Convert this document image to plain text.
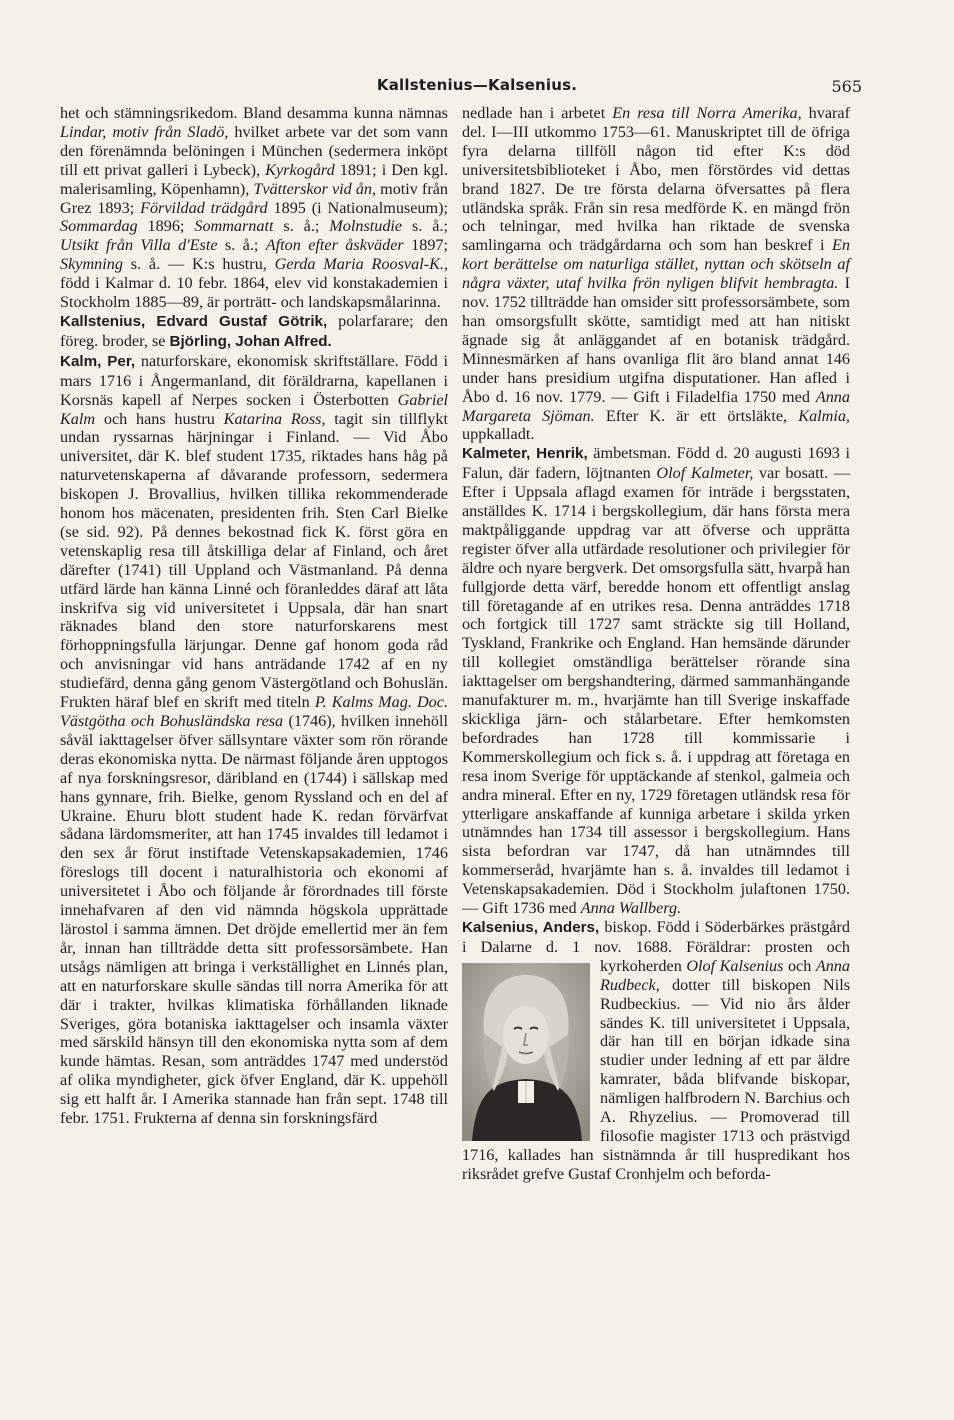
Kallstenius—Kalsenius.	565

het och stämningsrikedom. Bland desamma kunna nämnas Lindar, motiv från Sladö, hvilket arbete var det som vann den förenämnda belöningen i München (sedermera inköpt till ett privat galleri i Lybeck), Kyrkogård 1891; i Den kgl. malerisamling, Köpenhamn), Tvätterskor vid ån, motiv från Grez 1893; Förvildad trädgård 1895 (i Nationalmuseum); Sommardag 1896; Sommarnatt s. å.; Molnstudie s. å.; Utsikt från Villa d'Este s. å.; Afton efter åskväder 1897; Skymning s. å. — K:s hustru, Gerda Maria Roosval-K., född i Kalmar d. 10 febr. 1864, elev vid konstakademien i Stockholm 1885—89, är porträtt- och landskapsmålarinna.

Kallstenius, Edvard Gustaf Götrik, polarfarare; den föreg. broder, se Björling, Johan Alfred.

Kalm, Per, naturforskare, ekonomisk skriftställare. Född i mars 1716 i Ångermanland, dit föräldrarna, kapellanen i Korsnäs kapell af Nerpes socken i Österbotten Gabriel Kalm och hans hustru Katarina Ross, tagit sin tillflykt undan ryssarnas härjningar i Finland. — Vid Åbo universitet, där K. blef student 1735, riktades hans håg på naturvetenskaperna af dåvarande professorn, sedermera biskopen J. Brovallius, hvilken tillika rekommenderade honom hos mäcenaten, presidenten frih. Sten Carl Bielke (se sid. 92). På dennes bekostnad fick K. först göra en vetenskaplig resa till åtskilliga delar af Finland, och året därefter (1741) till Uppland och Västmanland. På denna utfärd lärde han känna Linné och föranleddes däraf att låta inskrifva sig vid universitetet i Uppsala, där han snart räknades bland den store naturforskarens mest förhoppningsfulla lärjungar. Denne gaf honom goda råd och anvisningar vid hans anträdande 1742 af en ny studiefärd, denna gång genom Västergötland och Bohuslän. Frukten häraf blef en skrift med titeln P. Kalms Mag. Doc. Västgötha och Bohusländska resa (1746), hvilken innehöll såväl iakttagelser öfver sällsyntare växter som rön rörande deras ekonomiska nytta. De närmast följande åren upptogos af nya forskningsresor, däribland en (1744) i sällskap med hans gynnare, frih. Bielke, genom Ryssland och en del af Ukraine. Ehuru blott student hade K. redan förvärfvat sådana lärdomsmeriter, att han 1745 invaldes till ledamot i den sex år förut instiftade Vetenskapsakademien, 1746 föreslogs till docent i naturalhistoria och ekonomi af universitetet i Åbo och följande år förordnades till förste innehafvaren af den vid nämnda högskola upprättade lärostol i samma ämnen. Det dröjde emellertid mer än fem år, innan han tillträdde detta sitt professorsämbete. Han utsågs nämligen att bringa i verkställighet en Linnés plan, att en naturforskare skulle sändas till norra Amerika för att där i trakter, hvilkas klimatiska förhållanden liknade Sveriges, göra botaniska iakttagelser och insamla växter med särskild hänsyn till den ekonomiska nytta som af dem kunde hämtas. Resan, som anträddes 1747 med understöd af olika myndigheter, gick öfver England, där K. uppehöll sig ett halft år. I Amerika stannade han från sept. 1748 till febr. 1751. Frukterna af denna sin forskningsfärd

nedlade han i arbetet En resa till Norra Amerika, hvaraf del. I—III utkommo 1753—61. Manuskriptet till de öfriga fyra delarna tillföll någon tid efter K:s död universitetsbiblioteket i Åbo, men förstördes vid dettas brand 1827. De tre första delarna öfversattes på flera utländska språk. Från sin resa medförde K. en mängd frön och telningar, med hvilka han riktade de svenska samlingarna och trädgårdarna och som han beskref i En kort berättelse om naturliga stället, nyttan och skötseln af några växter, utaf hvilka frön nyligen blifvit hembragta. I nov. 1752 tillträdde han omsider sitt professorsämbete, som han omsorgsfullt skötte, samtidigt med att han nitiskt ägnade sig åt anläggandet af en botanisk trädgård. Minnesmärken af hans ovanliga flit äro bland annat 146 under hans presidium utgifna disputationer. Han afled i Åbo d. 16 nov. 1779. — Gift i Filadelfia 1750 med Anna Margareta Sjöman. Efter K. är ett örtsläkte, Kalmia, uppkalladt.

Kalmeter, Henrik, ämbetsman. Född d. 20 augusti 1693 i Falun, där fadern, löjtnanten Olof Kalmeter, var bosatt. — Efter i Uppsala aflagd examen för inträde i bergsstaten, anställdes K. 1714 i bergskollegium, där hans första mera maktpåliggande uppdrag var att öfverse och upprätta register öfver alla utfärdade resolutioner och privilegier för äldre och nyare bergverk. Det omsorgsfulla sätt, hvarpå han fullgjorde detta värf, beredde honom ett offentligt anslag till företagande af en utrikes resa. Denna anträddes 1718 och fortgick till 1727 samt sträckte sig till Holland, Tyskland, Frankrike och England. Han hemsände därunder till kollegiet omständliga berättelser rörande sina iakttagelser om bergshandtering, därmed sammanhängande manufakturer m. m., hvarjämte han till Sverige inskaffade skickliga järn- och stålarbetare. Efter hemkomsten befordrades han 1728 till kommissarie i Kommerskollegium och fick s. å. i uppdrag att företaga en resa inom Sverige för upptäckande af stenkol, galmeia och andra mineral. Efter en ny, 1729 företagen utländsk resa för ytterligare anskaffande af kunniga arbetare i skilda yrken utnämndes han 1734 till assessor i bergskollegium. Hans sista befordran var 1747, då han utnämndes till kommerseråd, hvarjämte han s. å. invaldes till ledamot i Vetenskapsakademien. Död i Stockholm julaftonen 1750. — Gift 1736 med Anna Wallberg.

Kalsenius, Anders, biskop. Född i Söderbärkes prästgård i Dalarne d. 1 nov. 1688. Föräldrar: prosten och kyrkoherden
Olof Kalsenius och Anna Rudbeck, dotter till biskopen Nils Rudbeckius. — Vid nio års ålder sändes K. till universitetet i Uppsala, där han till en början idkade sina studier under ledning af ett par äldre kamrater, båda blifvande biskopar, nämligen halfbrodern N. Barchius och A. Rhyzelius. — Promoverad till filosofie magister 1713 och prästvigd 1716, kallades han sistnämnda år till huspredikant hos riksrådet grefve Gustaf Cronhjelm och beforda-
